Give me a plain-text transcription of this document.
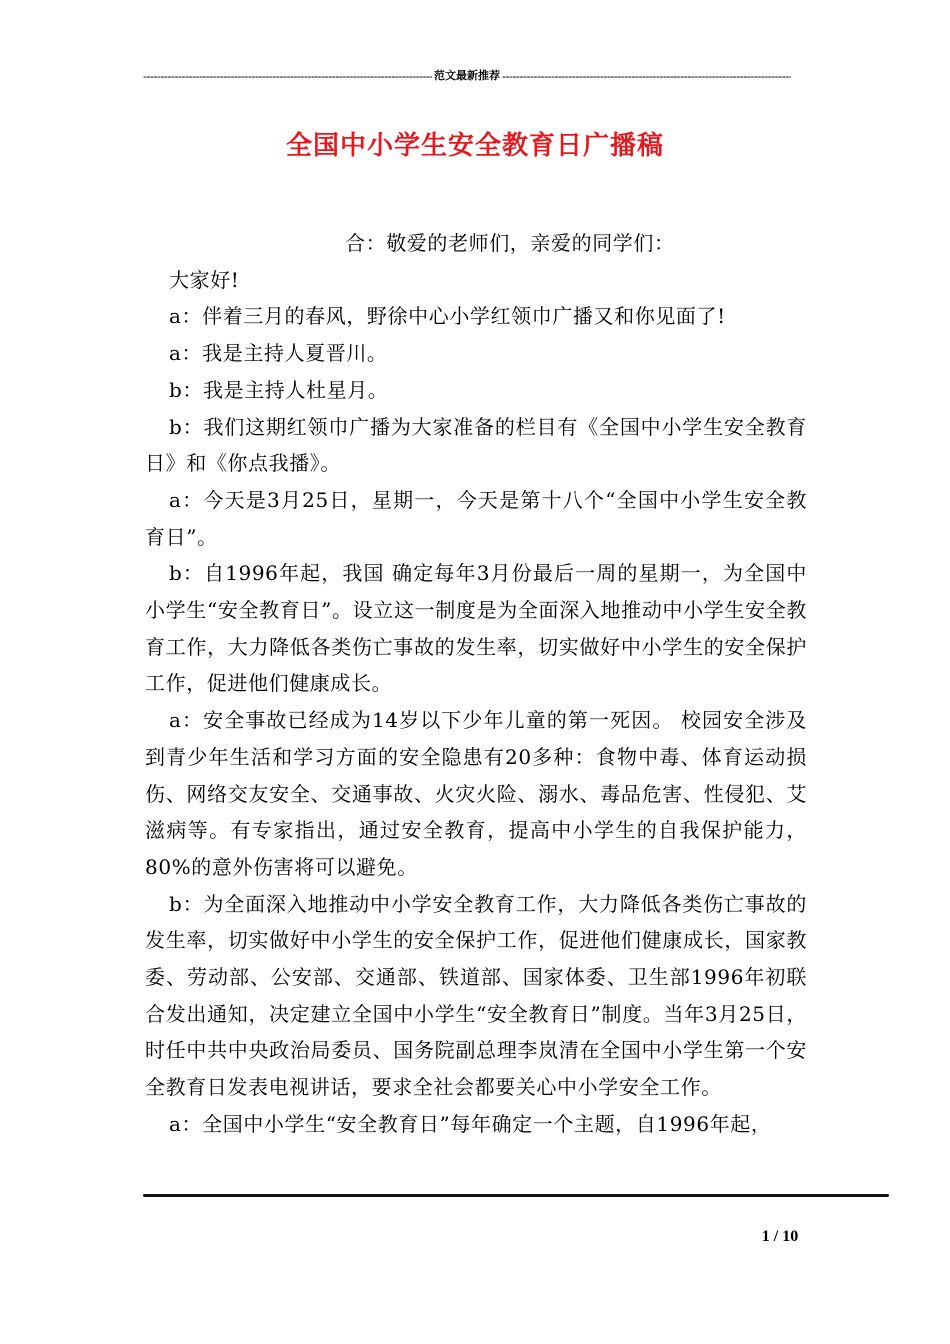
-----
范文最新推荐
-----
全国中小学生安全教育日广播稿

合：敬爱的老师们，亲爱的同学们：

大家好!

a：伴着三月的春风，野徐中心小学红领巾广播又和你见面了!

a：我是主持人夏晋川。

b：我是主持人杜星月。

b：我们这期红领巾广播为大家准备的栏目有《全国中小学生安全教育日》和《你点我播》。

a：今天是3月25日，星期一，今天是第十八个“全国中小学生安全教育日”。

b：自1996年起，我国 确定每年3月份最后一周的星期一，为全国中小学生“安全教育日”。设立这一制度是为全面深入地推动中小学生安全教育工作，大力降低各类伤亡事故的发生率，切实做好中小学生的安全保护工作，促进他们健康成长。

a：安全事故已经成为14岁以下少年儿童的第一死因。 校园安全涉及到青少年生活和学习方面的安全隐患有20多种：食物中毒、体育运动损伤、网络交友安全、交通事故、火灾火险、溺水、毒品危害、性侵犯、艾滋病等。有专家指出，通过安全教育，提高中小学生的自我保护能力，80%的意外伤害将可以避免。

b：为全面深入地推动中小学安全教育工作，大力降低各类伤亡事故的发生率，切实做好中小学生的安全保护工作，促进他们健康成长，国家教委、劳动部、公安部、交通部、铁道部、国家体委、卫生部1996年初联合发出通知，决定建立全国中小学生“安全教育日”制度。当年3月25日，时任中共中央政治局委员、国务院副总理李岚清在全国中小学生第一个安全教育日发表电视讲话，要求全社会都要关心中小学安全工作。

a：全国中小学生“安全教育日”每年确定一个主题，自1996年起，

1 / 10
